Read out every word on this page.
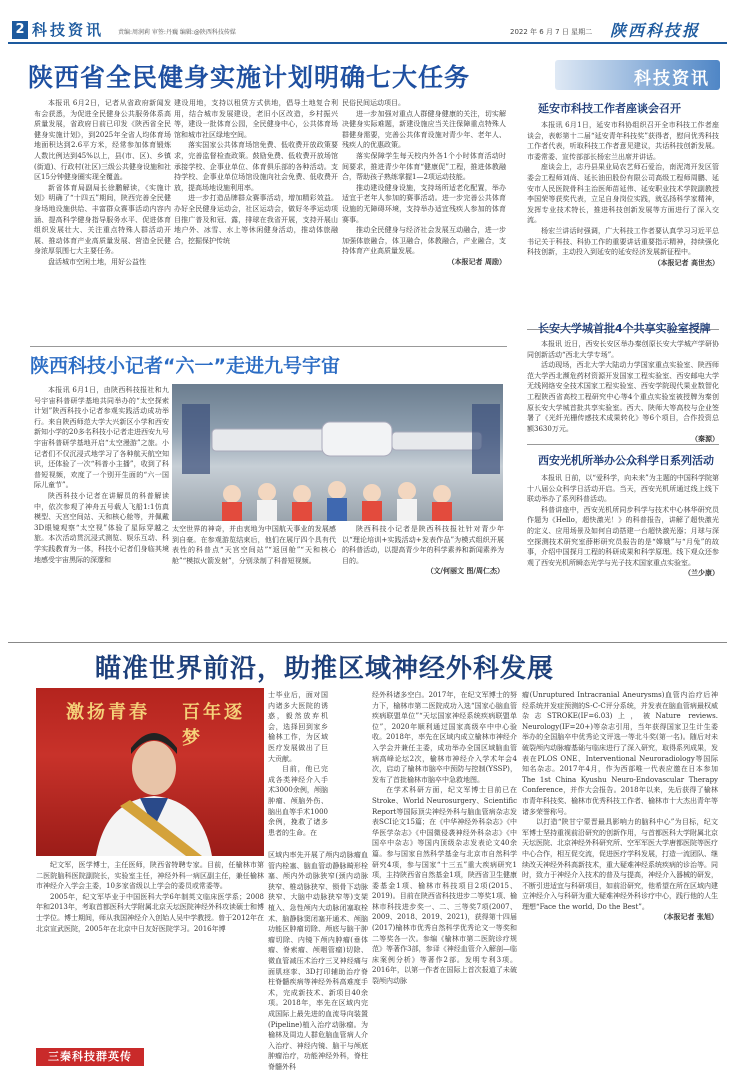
2 科技资讯 责编:周润莉 审签:丹巍 编辑:@陕西科技传媒	2022 年 6 月 7 日 星期二 陕西科技报
陕西省全民健身实施计划明确七大任务
本报讯 6月2日，记者从省政府新闻发布会获悉，为促进全民健身公共服务体系高质量发展，省政府日前已印发《陕西省全民健身实施计划》，到2025年全省人均体育场地面积达到2.6平方米，经常参加体育锻炼人数比例达到45%以上，县(市、区)、乡镇(街道)、行政村(社区)三级公共健身设施和社区15分钟健身圈实现全覆盖。
新省体育局副局长徐鹏解读，《实施计划》明确了“十四五”期间，陕西完善全民健身场地设施供给、丰富群众赛事活动内容内涵、提高科学健身指导服务水平、促进体育组织发展壮大、关注重点特殊人群活动开展、推动体育产业高质量发展、营造全民健身浓厚氛围七大主要任务。
盘活城市空闲土地，用好公益性
建设用地，支持以租赁方式供地，倡导土地复合利用，结合城市发展建设，老旧小区改造，乡村振兴等，建设一批体育公园，全民健身中心，公共体育场馆和城市社区绿地空间。
落实国家公共体育场馆免费、低收费开放政策要求，完善监督检查政策。鼓励免费、低收费开放场馆承接学校、企事业单位、体育俱乐部的各种活动。支持学校、企事业单位场馆设施向社会免费、低收费开放，提高场地设施利用率。
进一步打造品牌群众赛事活动，增加精彩效益。办好全民健身运动会，社区运动会，做好冬季运动项目推广普及和冠、露，排球在我省开展，支持开展山地户外、冰雪、水上等休闲健身活动，推动体旅融合，挖掘保护传统
民俗民间运动项目。
进一步加强对重点人群健身健康的关注，切实解决健身实际难题，新建设施应当关注保障重点特殊人群健身需要，完善公共体育设施对青少年、老年人、残疾人的优惠政策。
落实保障学生每天校内外各1个小时体育活动时间要求，推进青少年体育“健康促”工程，推进体教融合，帮助孩子熟练掌握1—2项运动技能。
推动建设健身设施，支持场所适老化配置，举办适宜于老年人参加的赛事活动。进一步完善公共体育设施的无障碍环境，支持举办适宜残疾人参加的体育赛事。
推动全民健身与经济社会发展互动融合，进一步加强体旅融合，体卫融合，体教融合，产业融合，支持体育产业高质量发展。
（本报记者 周励）
陕西科技小记者“六一”走进九号宇宙
本报讯 6月1日，由陕西科技报社和九号宇宙科普研学基地共同举办的“太空探索计划”陕西科技小记者参观实践活动成功举行。来自陕西师范大学大兴新区小学和西安新知小学的20多名科技小记者走进西安九号宇宙科普研学基地开启“太空漫游”之旅。小记者们不仅沉浸式地学习了各种航天航空知识，还体验了一次“科普小主播”，收到了科普短视频，欢度了一个别开生面的“六一国际儿童节”。
陕西科技小记者在讲解员的科普解读中，依次参观了神舟五号载人飞船1:1仿真模型、天宫空间站、天和核心舱等，并佩戴3D眼镜观察“太空视”体验了星际穿越之旅。本次活动贯沉浸式测览、娱乐互动、科学实践教育为一体，科技小记者们身临其境地感受宇宙黑际的深邃和
太空世界的神奇，并由衷地为中国航天事业的发展感到自豪。在参观游览结束后，他们在展厅四个具有代表性的科普点“天宫空间站”“返回舱”“天和核心舱”“模拟火箭发射”，分别录制了科普短视频。
陕西科技小记者是陕西科技报社针对青少年以“理论培训+实践活动+发表作品”为模式组织开展的科普活动，以提高青少年的科学素养和新闻素养为目的。
（文/何丽文 图/周仁杰）
科技资讯
延安市科技工作者座谈会召开
本报讯 6月1日，延安市科协组织召开全市科技工作者座谈会，表彰第十二届“延安青年科技奖”获得者，慰问优秀科技工作者代表，听取科技工作者意见建议，共话科技创新发展。市委常委、宣传部部长杨宏兰出席并讲话。
座谈会上，志丹县果业局农艺师石爱治，南泥湾开发区管委会工程师刘尚、延长油田股份有限公司高级工程师周鹏、延安市人民医院骨科主治医师苗延伟、延安职业技术学院副教授李国荣等获奖代表，立足自身岗位实践，就弘扬科学家精神，发挥专业技术特长，推进科技创新发展等方面进行了深入交流。
杨宏兰讲话时强调，广大科技工作者要认真学习习近平总书记关于科技、科协工作的重要讲话重要指示精神，持续强化科技创新，主动投入到延安的延安经济发展新征程中。
（本报记者 高世杰）
长安大学城首批4个共享实验室授牌
本报讯 近日，西安长安区举办秦创原长安大学城产学研协同创新活动“西北大学专场”。
活动现场，西北大学大陆动力学国家重点实验室、陕西师范大学西北濒危药材资源开发国家工程实验室、西安邮电大学无线网络安全技术国家工程实验室、西安学院现代果业数智化工程陕西省高校工程研究中心等4个重点实验室被授牌为秦创原长安大学城首批共享实验室。西大、陕师大等高校与企业签署了《光纤光栅传感技术成果转化》等6个项目，合作投资总额3630万元。
（秦源）
西安光机所举办公众科学日系列活动
本报讯 日前，以“爱科学，向未来”为主题的中国科学院第十八届公众科学日活动开启。当天，西安光机所通过线上线下联动举办了系列科普活动。
科普讲座中，西安光机所同步科学与技术中心林华研究员作题为《Hello，超快激光！》的科普报告，讲解了超快激光的定义、应用场景及如何自动搭建一台超快激光器；月球与深空探测技术研究室薛彬研究员报告的是“嫦娥”与“月兔”的故事，介绍中国探月工程的科研成果和科学原理。线下观众还参观了西安光机所瞬态光学与光子技术国家重点实验室。
（兰少康）
瞄准世界前沿，助推区域神经外科发展
激扬青春 百年逐梦
纪文军，医学博士，主任医师，陕西省特聘专家。目前，任榆林市第二医院脑科医院副院长，实验室主任，神经外科一病区副主任，兼任榆林市神经介入学会主委，10多家省级以上学会的委员或常委等。
2005年，纪文军毕业于中国医科大学6年制英文临床医学系；2008年和2013年，考取首都医科大学附属北京天坛医院神经外科攻读硕士和博士学位。博士期间，师从我国神经介入创始人吴中学教授。曾于2012年在北京宣武医院，2005年在北京中日友好医院学习。2016年博
三秦科技群英传
士毕业后，面对国内诸多大医院的诱惑，毅然放弃机会，选择回到家乡榆林工作，为区域医疗发展做出了巨大贡献。
目前，他已完成各类神经介入手术3000余例，颅脑肿瘤、颅脑外伤、脑出血等手术1000余例，挽救了诸多患者的生命。在
区域内率先开展了颅内动脉瘤血管内栓塞、脑血管动静脉畸形栓塞、颅内外动脉狭窄(颈内动脉狭窄、椎动脉狭窄、锁骨下动脉狭窄、大脑中动脉狭窄等)支架植入、急性颅内大动脉闭塞取栓术、脑静脉窦闭塞开通术、颅脑功能区肿瘤切除、颅底与脑干肿瘤切除、内镜下颅内肿瘤(垂体瘤、脊索瘤、颅咽管瘤)切除、微血管减压术治疗三叉神经痛与面肌痉挛、3D打印辅助治疗脊柱脊髓疾病等神经外科高难度手术，完成新技术、新项目40余项。2018年，率先在区域内完成国际上最先进的血流导向装置(Pipeline)植入治疗动脉瘤。为榆林及周边人群危脑血管病人介入治疗、神经内镜、脑干与颅底肿瘤治疗，功能神经外科，脊柱脊髓外科
经外科诸多空白。2017年，在纪文军博士的努力下，榆林市第二医院成功入选“国家心脑血管疾病联盟单位”“天坛国家神经系统疾病联盟单位”，2020年顺利通过国家高级卒中中心验收。2018年，率先在区域内成立榆林市神经介入学会并兼任主委，成功举办全国区域脑血管病高峰论坛2次，榆林市神经介入学术年会4次，启动了榆林市脑卒中预防与控制(YSSP)，发布了首批榆林市脑卒中急救地图。
在学术科研方面，纪文军博士目前已在Stroke、World Neurosurgery、Scientific Report等国际顶尖神经外科与脑血管病杂志发表SCI论文15篇；在《中华神经外科杂志》《中华医学杂志》《中国微侵袭神经外科杂志》《中国卒中杂志》等国内顶级杂志发表论文40余篇。参与国家自然科学基金与北京市自然科学研究4项，参与国家“十三五”重大疾病研究1项，主持陕西省自然基金1项，陕西省卫生健康委基金1项、榆林市科技项目2项(2015、2019)。目前在陕西省科技进步二等奖1项、榆林市科技进步奖一、二、三等奖7项(2007、2009、2018、2019、2021)，获得第十四届(2017)榆林市优秀自然科学优秀论文一等奖和二等奖各一次。参编《榆林市第二医院诊疗规范》等著作3部，参译《神经血管介入解剖—临床案例分析》等著作2部。发明专利3项。2016年，以第一作者在国际上首次报道了未破裂颅内动脉
瘤(Unruptured Intracranial Aneurysms)血管内治疗后神经系统并发症预测的S-C-C评分系统，并发表在脑血管病最权威杂志STROKE(IF=6.03)上，被Nature reviews. Neurology(IF=20+)等杂志引用，当年获得国家卫生计生委举办的全国脑卒中优秀论文评选一等北斗奖(第一名)。随后对未破裂颅内动脉瘤基础与临床进行了深入研究，取得系列成果，发表在PLOS ONE、Interventional Neuroradiology等国际知名杂志。2017年4月，作为西部唯一代表应邀在日本参加The 1st China Kyushu Neuro-Endovascular Therapy Conference，并作大会报告。2018年以来，先后获得了榆林市青年科技奖、榆林市优秀科技工作者、榆林市十大杰出青年等诸多荣誉称号。
以打造“陕甘宁蒙晋最具影响力的脑科中心”为目标，纪文军博士坚持重视前沿研究的创新作用，与首都医科大学附属北京天坛医院、北京神经外科研究所、空军军医大学唐都医院等医疗中心合作，相互促交流，促进医疗学科发展，打造一流团队、继续改天神经外科高新技术，重大疑难神经系统疾病的诊治等。同时，致力于神经介入技术的普及与提高，神经介入器械的研发，不断引进适宜与科研项目，如前沿研究，他希望在所在区域内建立神经介入与科研为重大疑难神经外科诊疗中心，践行他的人生理想“Face the world, Do the Best”。
（本报记者 张旭）
